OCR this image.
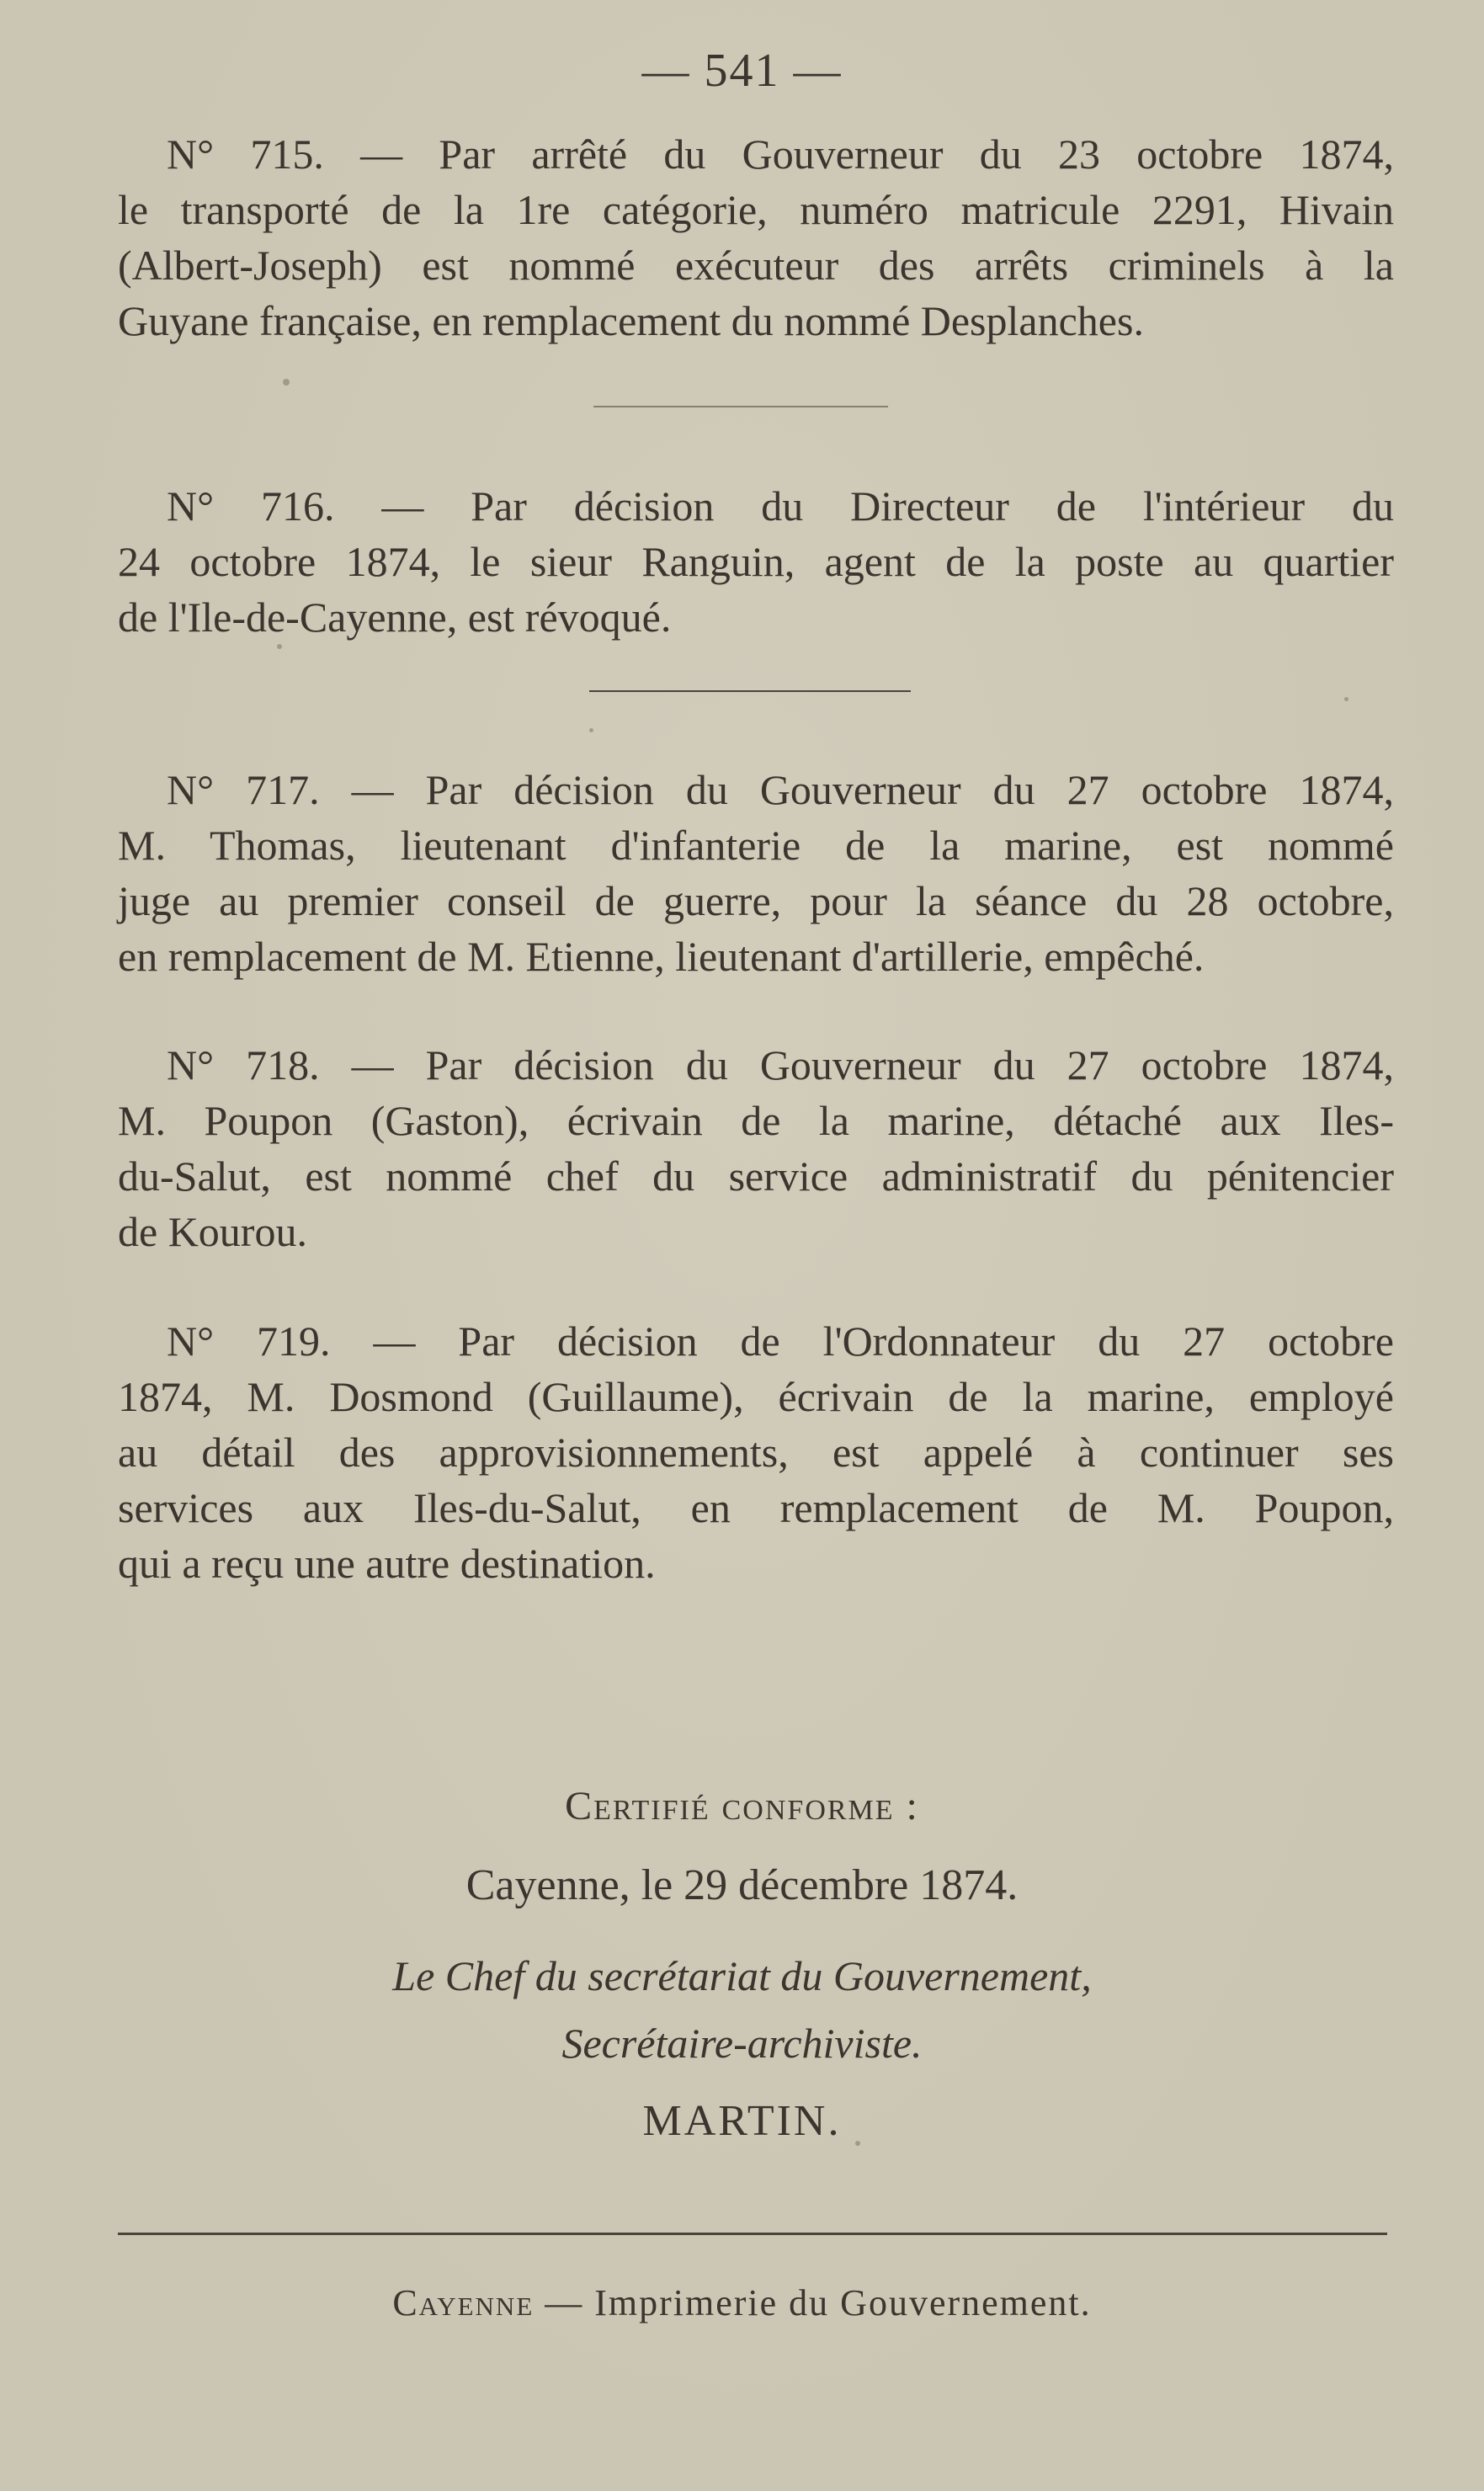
— 541 —
N° 715. — Par arrêté du Gouverneur du 23 octobre 1874,
le transporté de la 1re catégorie, numéro matricule 2291, Hivain
(Albert-Joseph) est nommé exécuteur des arrêts criminels à la
Guyane française, en remplacement du nommé Desplanches.
N° 716. — Par décision du Directeur de l'intérieur du
24 octobre 1874, le sieur Ranguin, agent de la poste au quartier
de l'Ile-de-Cayenne, est révoqué.
N° 717. — Par décision du Gouverneur du 27 octobre 1874,
M. Thomas, lieutenant d'infanterie de la marine, est nommé
juge au premier conseil de guerre, pour la séance du 28 octobre,
en remplacement de M. Etienne, lieutenant d'artillerie, empêché.
N° 718. — Par décision du Gouverneur du 27 octobre 1874,
M. Poupon (Gaston), écrivain de la marine, détaché aux Iles-
du-Salut, est nommé chef du service administratif du pénitencier
de Kourou.
N° 719. — Par décision de l'Ordonnateur du 27 octobre
1874, M. Dosmond (Guillaume), écrivain de la marine, employé
au détail des approvisionnements, est appelé à continuer ses
services aux Iles-du-Salut, en remplacement de M. Poupon,
qui a reçu une autre destination.
Certifié conforme :
Cayenne, le 29 décembre 1874.
Le Chef du secrétariat du Gouvernement,
Secrétaire-archiviste.
MARTIN.
Cayenne — Imprimerie du Gouvernement.
